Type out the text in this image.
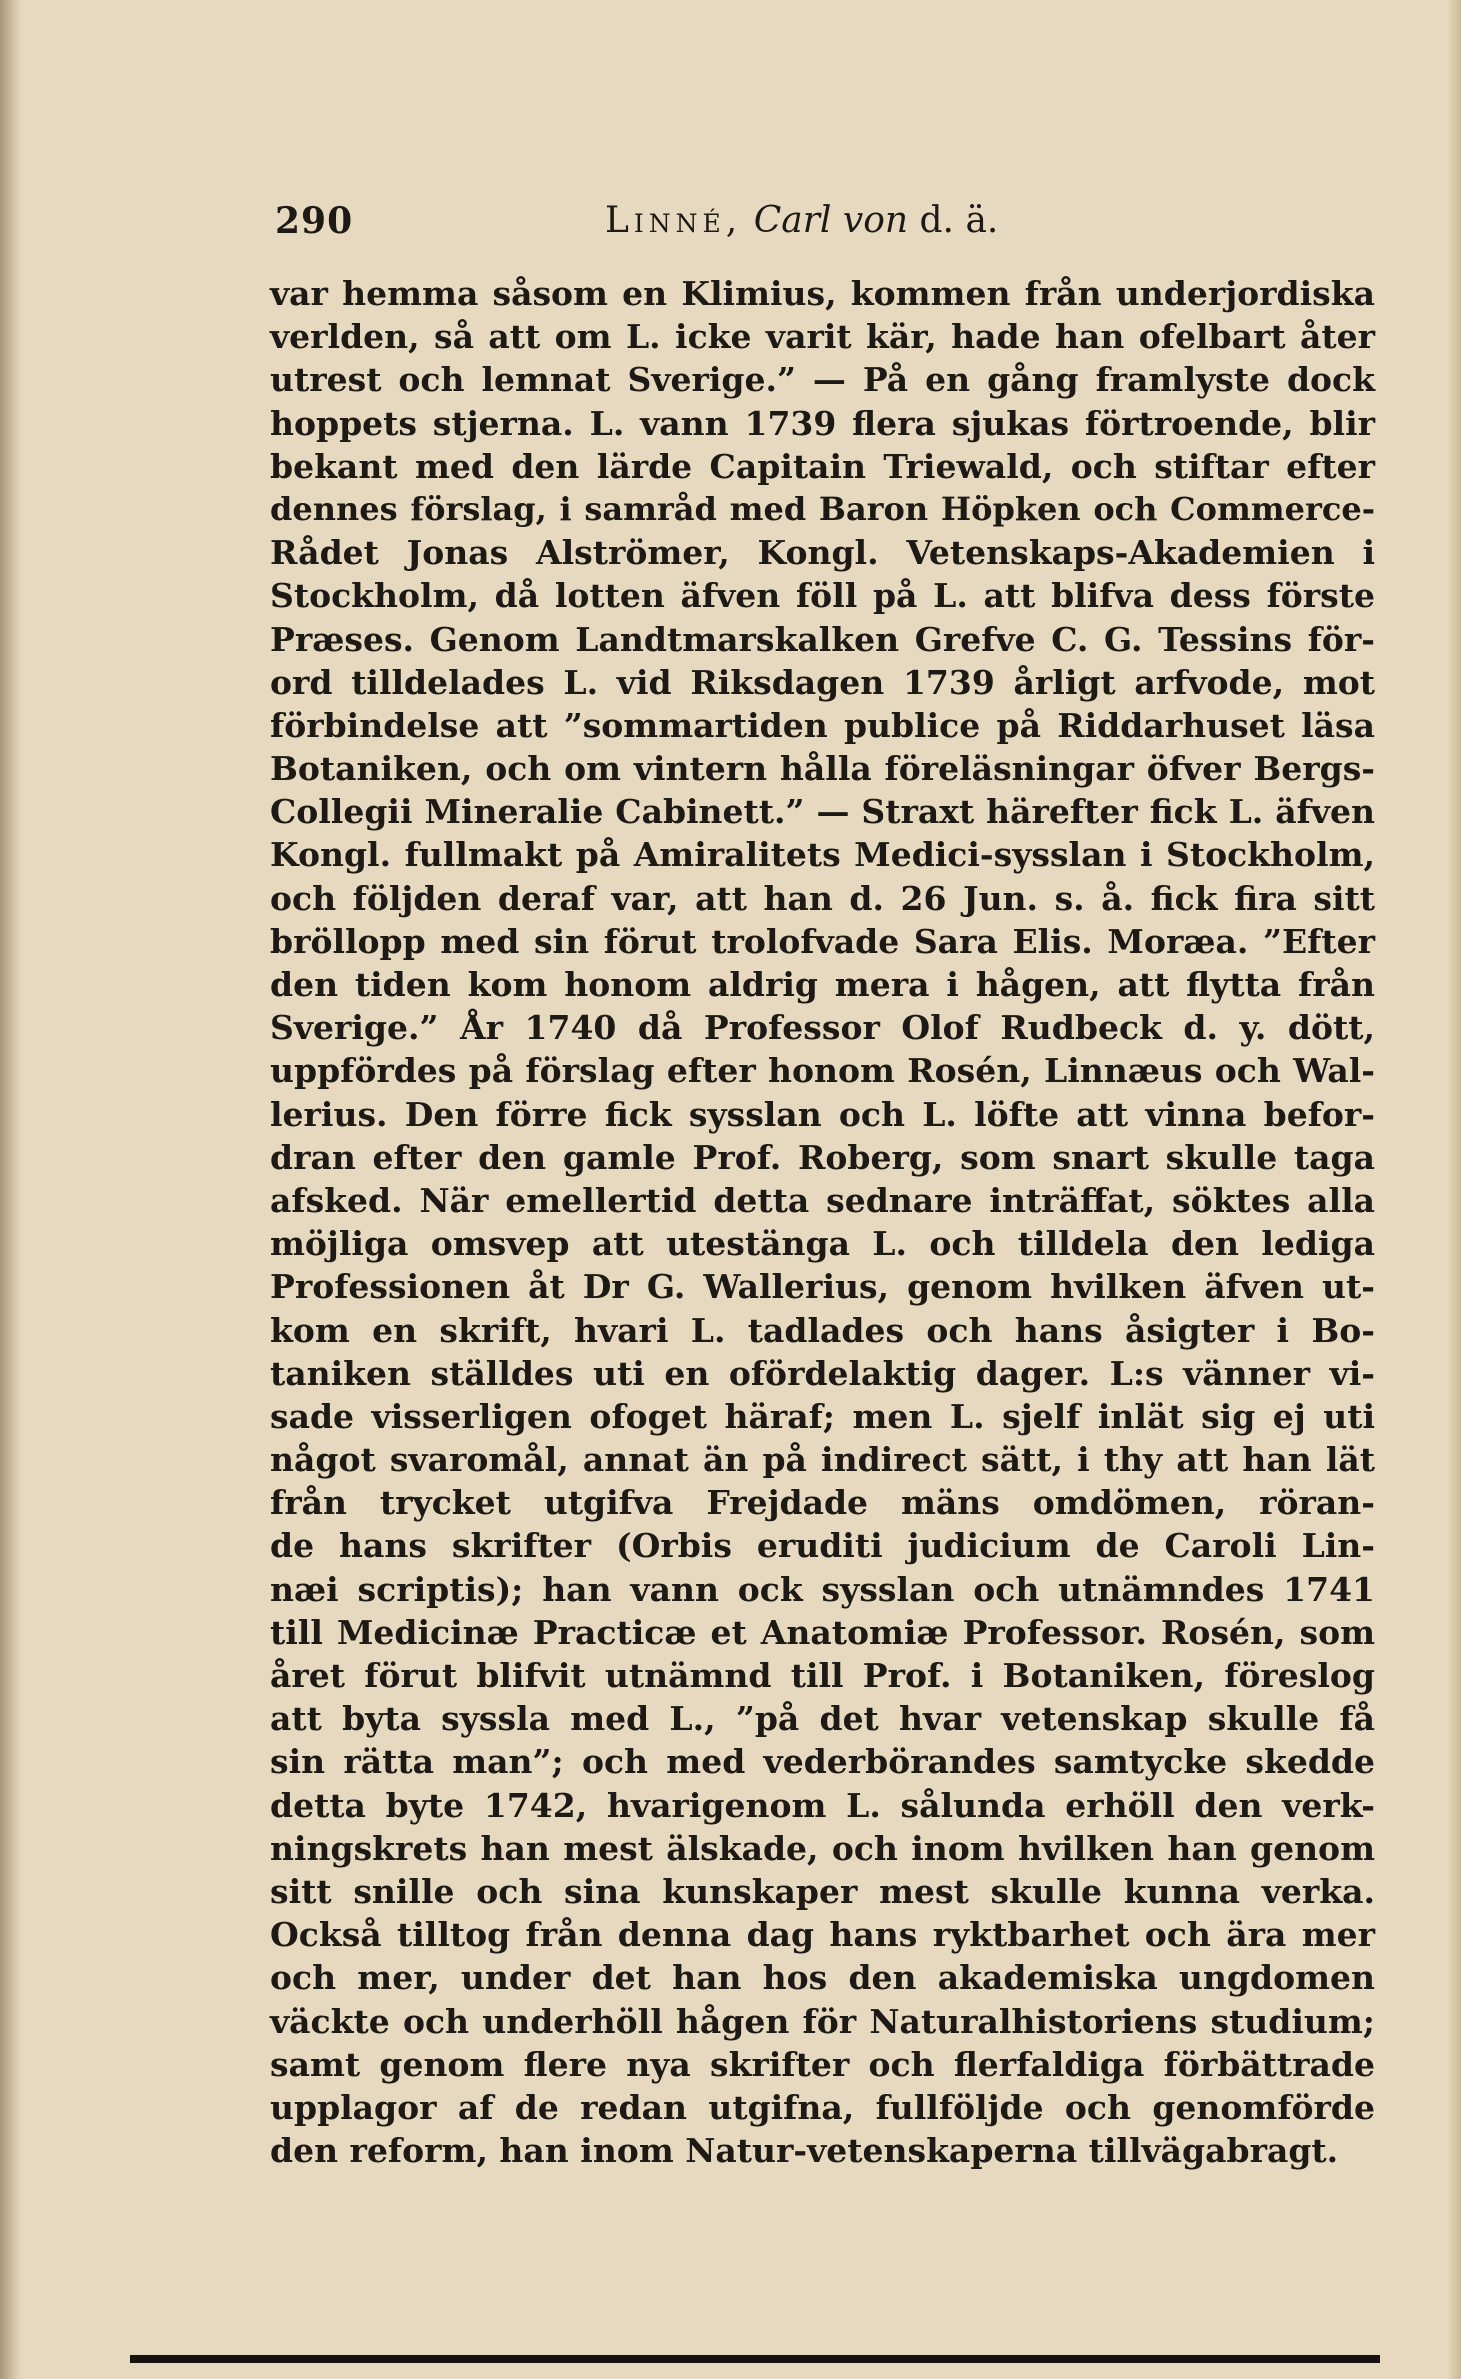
290	Linné, Carl von d. ä.
var hemma såsom en Klimius, kommen från underjordiska
verlden, så att om L. icke varit kär, hade han ofelbart åter
utrest och lemnat Sverige.” — På en gång framlyste dock
hoppets stjerna. L. vann 1739 flera sjukas förtroende, blir
bekant med den lärde Capitain Triewald, och stiftar efter
dennes förslag, i samråd med Baron Höpken och Commerce-
Rådet Jonas Alströmer, Kongl. Vetenskaps-Akademien i
Stockholm, då lotten äfven föll på L. att blifva dess förste
Præses. Genom Landtmarskalken Grefve C. G. Tessins för-
ord tilldelades L. vid Riksdagen 1739 årligt arfvode, mot
förbindelse att ”sommartiden publice på Riddarhuset läsa
Botaniken, och om vintern hålla föreläsningar öfver Bergs-
Collegii Mineralie Cabinett.” — Straxt härefter fick L. äfven
Kongl. fullmakt på Amiralitets Medici-sysslan i Stockholm,
och följden deraf var, att han d. 26 Jun. s. å. fick fira sitt
bröllopp med sin förut trolofvade Sara Elis. Moræa. ”Efter
den tiden kom honom aldrig mera i hågen, att flytta från
Sverige.” År 1740 då Professor Olof Rudbeck d. y. dött,
uppfördes på förslag efter honom Rosén, Linnæus och Wal-
lerius. Den förre fick sysslan och L. löfte att vinna befor-
dran efter den gamle Prof. Roberg, som snart skulle taga
afsked. När emellertid detta sednare inträffat, söktes alla
möjliga omsvep att utestänga L. och tilldela den lediga
Professionen åt Dr G. Wallerius, genom hvilken äfven ut-
kom en skrift, hvari L. tadlades och hans åsigter i Bo-
taniken ställdes uti en ofördelaktig dager. L:s vänner vi-
sade visserligen ofoget häraf; men L. sjelf inlät sig ej uti
något svaromål, annat än på indirect sätt, i thy att han lät
från trycket utgifva Frejdade mäns omdömen, röran-
de hans skrifter (Orbis eruditi judicium de Caroli Lin-
næi scriptis); han vann ock sysslan och utnämndes 1741
till Medicinæ Practicæ et Anatomiæ Professor. Rosén, som
året förut blifvit utnämnd till Prof. i Botaniken, föreslog
att byta syssla med L., ”på det hvar vetenskap skulle få
sin rätta man”; och med vederbörandes samtycke skedde
detta byte 1742, hvarigenom L. sålunda erhöll den verk-
ningskrets han mest älskade, och inom hvilken han genom
sitt snille och sina kunskaper mest skulle kunna verka.
Också tilltog från denna dag hans ryktbarhet och ära mer
och mer, under det han hos den akademiska ungdomen
väckte och underhöll hågen för Naturalhistoriens studium;
samt genom flere nya skrifter och flerfaldiga förbättrade
upplagor af de redan utgifna, fullföljde och genomförde
den reform, han inom Natur-vetenskaperna tillvägabragt.
